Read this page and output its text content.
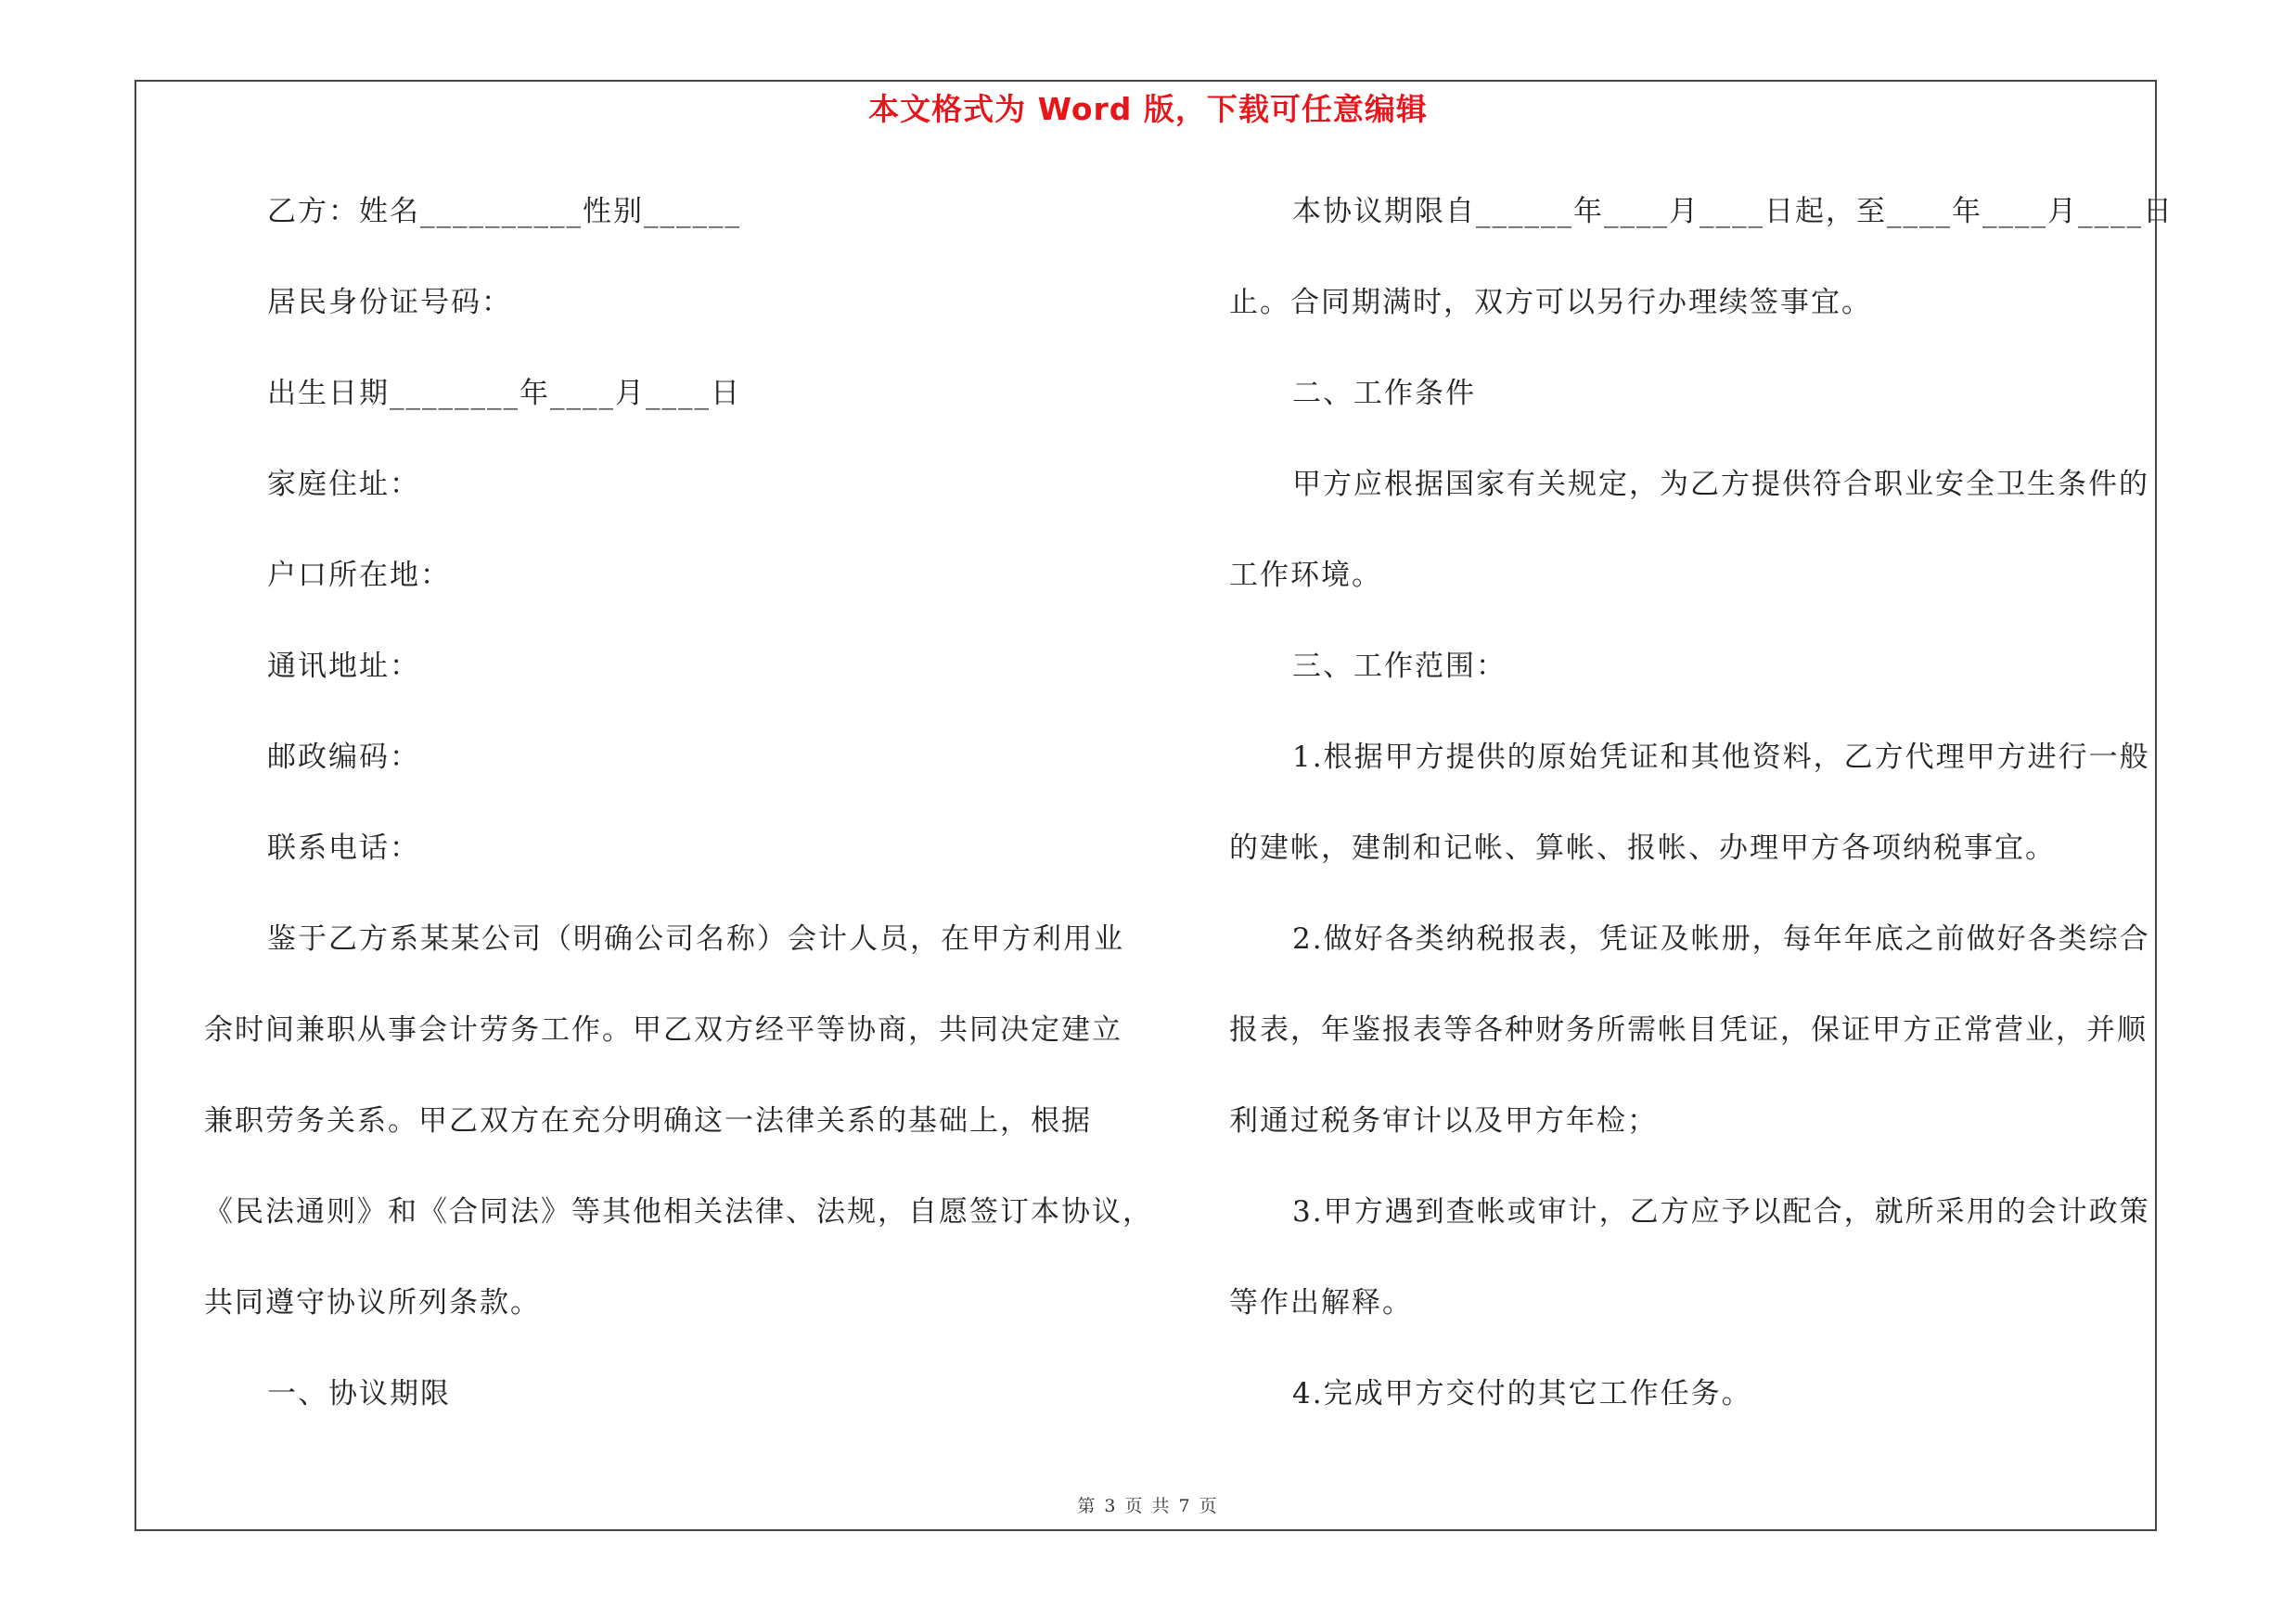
本文格式为 Word 版，下载可任意编辑
乙方：姓名__________性别______
居民身份证号码：
出生日期________年____月____日
家庭住址：
户口所在地：
通讯地址：
邮政编码：
联系电话：
鉴于乙方系某某公司（明确公司名称）会计人员，在甲方利用业
余时间兼职从事会计劳务工作。甲乙双方经平等协商，共同决定建立
兼职劳务关系。甲乙双方在充分明确这一法律关系的基础上，根据
《民法通则》和《合同法》等其他相关法律、法规，自愿签订本协议，
共同遵守协议所列条款。
一、协议期限
本协议期限自______年____月____日起，至____年____月____日
止。合同期满时，双方可以另行办理续签事宜。
二、工作条件
甲方应根据国家有关规定，为乙方提供符合职业安全卫生条件的
工作环境。
三、工作范围：
1.根据甲方提供的原始凭证和其他资料，乙方代理甲方进行一般
的建帐，建制和记帐、算帐、报帐、办理甲方各项纳税事宜。
2.做好各类纳税报表，凭证及帐册，每年年底之前做好各类综合
报表，年鉴报表等各种财务所需帐目凭证，保证甲方正常营业，并顺
利通过税务审计以及甲方年检；
3.甲方遇到查帐或审计，乙方应予以配合，就所采用的会计政策
等作出解释。
4.完成甲方交付的其它工作任务。
第 3 页 共 7 页
